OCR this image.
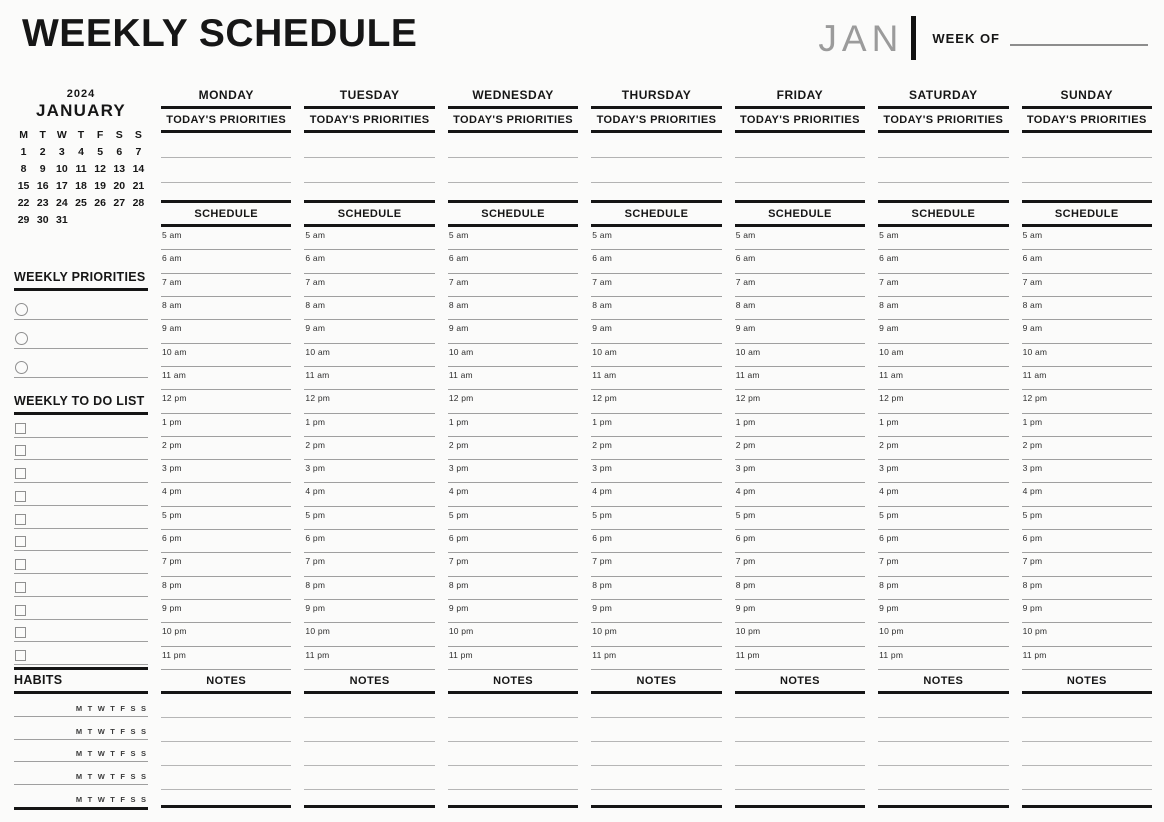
WEEKLY SCHEDULE	JAN WEEK OF
2024
JANUARY
M	T	W	T	F	S	S
1	2	3	4	5	6	7
8	9 10 11 12 13 14
15 16 17 18 19 20 21
22 23 24 25 26 27 28
29 30 31
WEEKLY PRIORITIES
WEEKLY TO DO LIST
HABITS
M T W T F S S
M T W T F S S
M T W T F S S
M T W T F S S
M T W T F S S
MONDAY
TODAY'S PRIORITIES
SCHEDULE
5 am
6 am
7 am
8 am
9 am
10 am
11 am
12 pm
1 pm
2 pm
3 pm
4 pm
5 pm
6 pm
7 pm
8 pm
9 pm
10 pm
11 pm
NOTES
TUESDAY
TODAY'S PRIORITIES
SCHEDULE
5 am
6 am
7 am
8 am
9 am
10 am
11 am
12 pm
1 pm
2 pm
3 pm
4 pm
5 pm
6 pm
7 pm
8 pm
9 pm
10 pm
11 pm
NOTES
WEDNESDAY
TODAY'S PRIORITIES
SCHEDULE
5 am
6 am
7 am
8 am
9 am
10 am
11 am
12 pm
1 pm
2 pm
3 pm
4 pm
5 pm
6 pm
7 pm
8 pm
9 pm
10 pm
11 pm
NOTES
THURSDAY
TODAY'S PRIORITIES
SCHEDULE
5 am
6 am
7 am
8 am
9 am
10 am
11 am
12 pm
1 pm
2 pm
3 pm
4 pm
5 pm
6 pm
7 pm
8 pm
9 pm
10 pm
11 pm
NOTES
FRIDAY
TODAY'S PRIORITIES
SCHEDULE
5 am
6 am
7 am
8 am
9 am
10 am
11 am
12 pm
1 pm
2 pm
3 pm
4 pm
5 pm
6 pm
7 pm
8 pm
9 pm
10 pm
11 pm
NOTES
SATURDAY
TODAY'S PRIORITIES
SCHEDULE
5 am
6 am
7 am
8 am
9 am
10 am
11 am
12 pm
1 pm
2 pm
3 pm
4 pm
5 pm
6 pm
7 pm
8 pm
9 pm
10 pm
11 pm
NOTES
SUNDAY
TODAY'S PRIORITIES
SCHEDULE
5 am
6 am
7 am
8 am
9 am
10 am
11 am
12 pm
1 pm
2 pm
3 pm
4 pm
5 pm
6 pm
7 pm
8 pm
9 pm
10 pm
11 pm
NOTES
